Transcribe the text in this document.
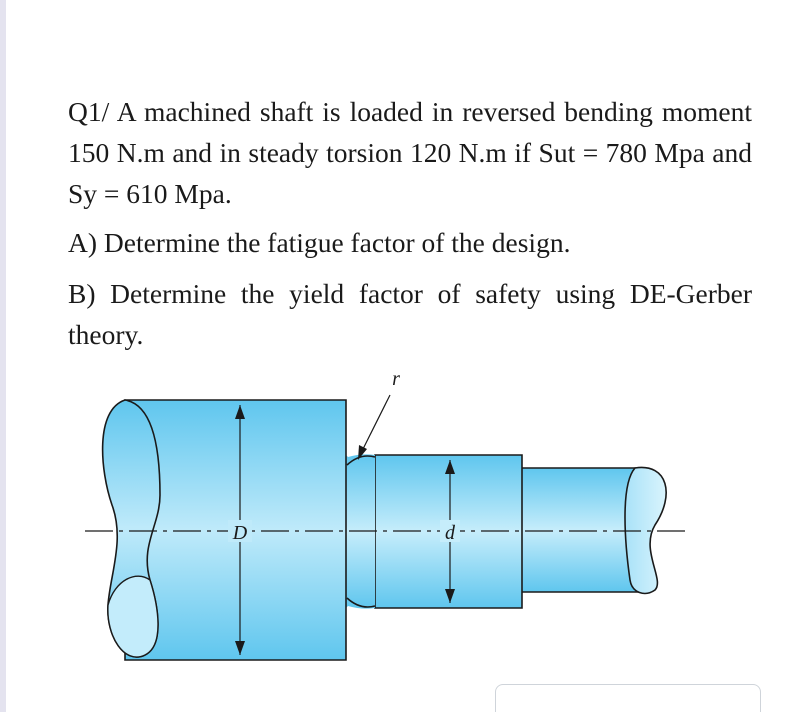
Q1/ A machined shaft is loaded in reversed bending moment 150 N.m and in steady torsion 120 N.m if Sut = 780 Mpa and Sy = 610 Mpa.

A) Determine the fatigue factor of the design.

B) Determine the yield factor of safety using DE-Gerber theory.

D	d
r
